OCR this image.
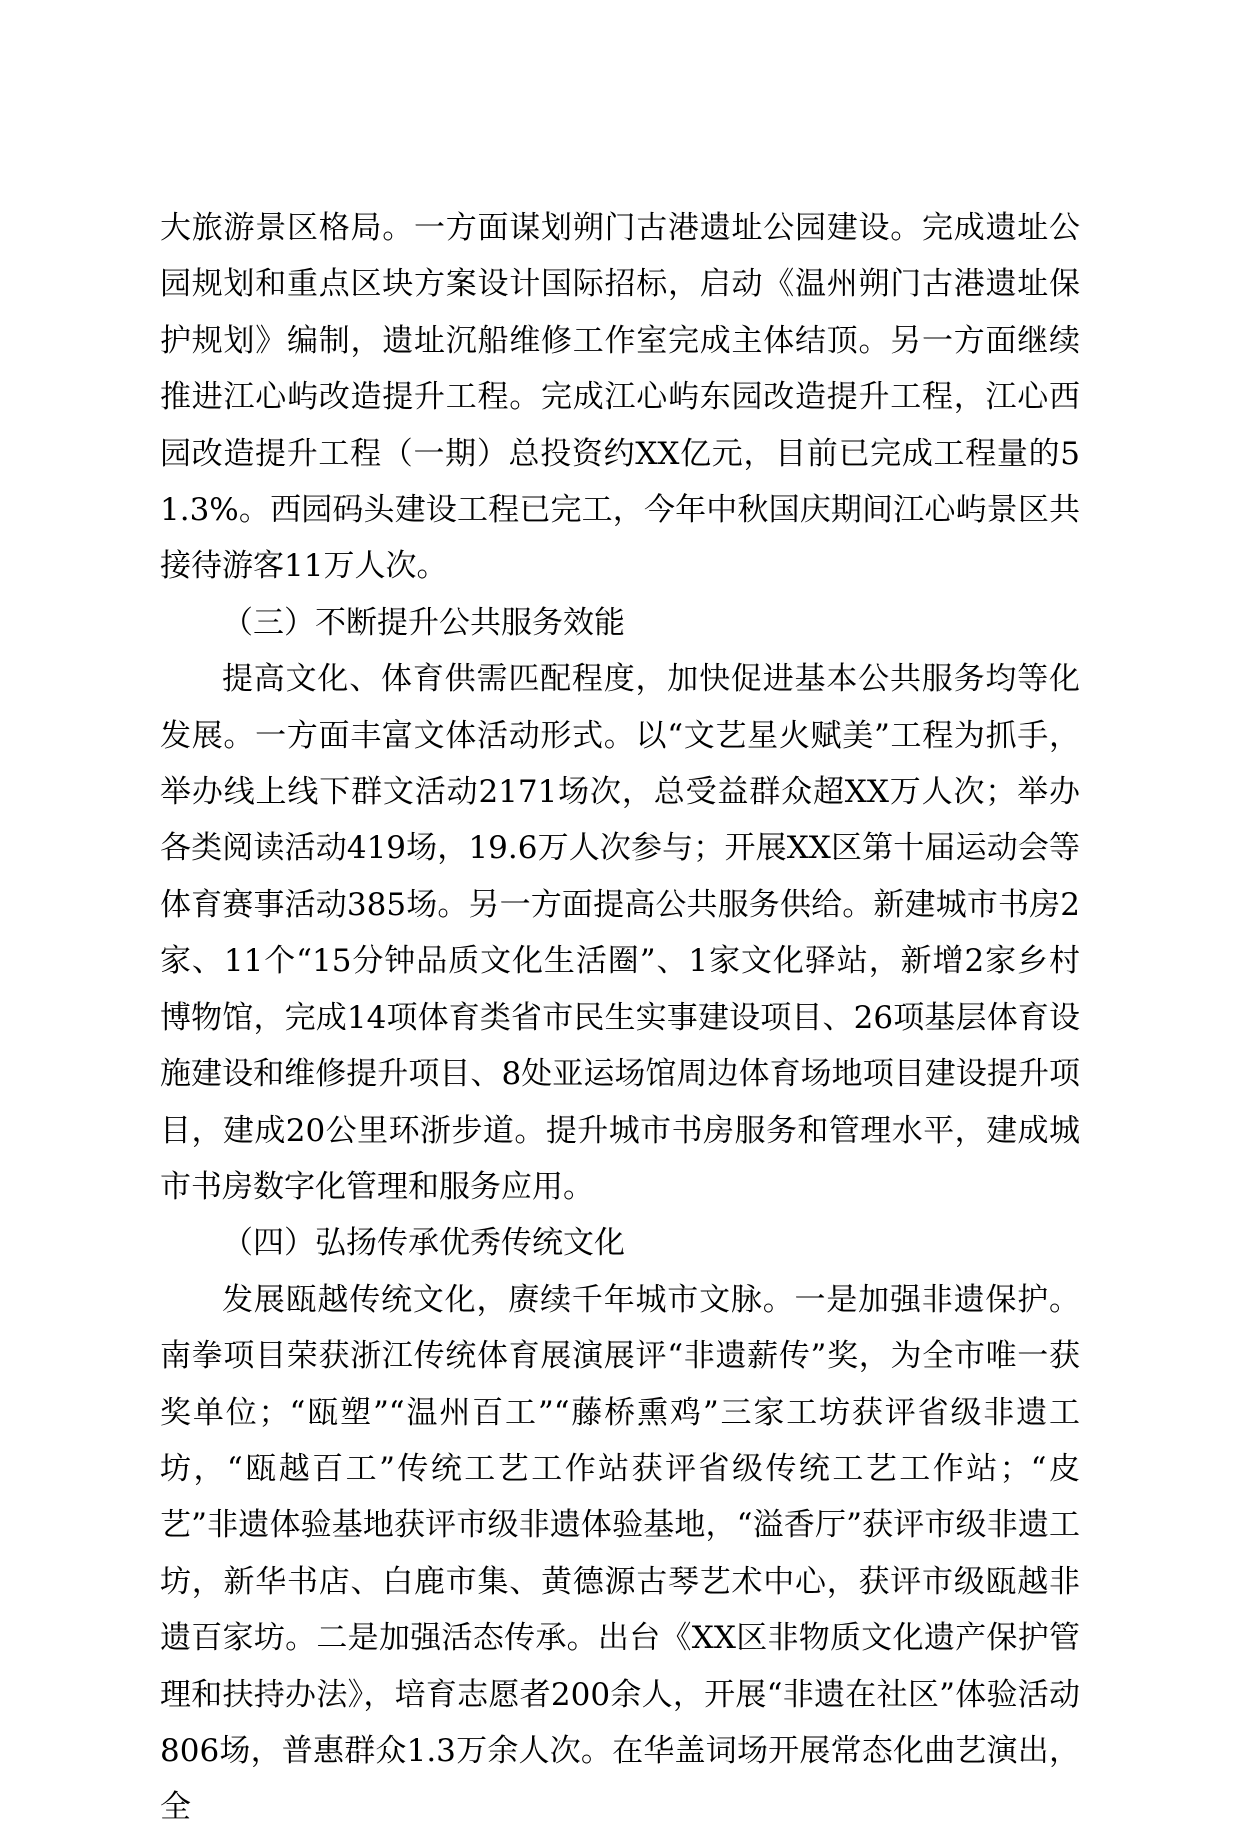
大旅游景区格局。一方面谋划朔门古港遗址公园建设。完成遗址公园规划和重点区块方案设计国际招标，启动《温州朔门古港遗址保护规划》编制，遗址沉船维修工作室完成主体结顶。另一方面继续推进江心屿改造提升工程。完成江心屿东园改造提升工程，江心西园改造提升工程（一期）总投资约XX亿元，目前已完成工程量的51.3%。西园码头建设工程已完工，今年中秋国庆期间江心屿景区共接待游客11万人次。

（三）不断提升公共服务效能

提高文化、体育供需匹配程度，加快促进基本公共服务均等化发展。一方面丰富文体活动形式。以“文艺星火赋美”工程为抓手，举办线上线下群文活动2171场次，总受益群众超XX万人次；举办各类阅读活动419场，19.6万人次参与；开展XX区第十届运动会等体育赛事活动385场。另一方面提高公共服务供给。新建城市书房2家、11个“15分钟品质文化生活圈”、1家文化驿站，新增2家乡村博物馆，完成14项体育类省市民生实事建设项目、26项基层体育设施建设和维修提升项目、8处亚运场馆周边体育场地项目建设提升项目，建成20公里环浙步道。提升城市书房服务和管理水平，建成城市书房数字化管理和服务应用。

（四）弘扬传承优秀传统文化

发展瓯越传统文化，赓续千年城市文脉。一是加强非遗保护。南拳项目荣获浙江传统体育展演展评“非遗薪传”奖，为全市唯一获奖单位；“瓯塑”“温州百工”“藤桥熏鸡”三家工坊获评省级非遗工坊，“瓯越百工”传统工艺工作站获评省级传统工艺工作站；“皮艺”非遗体验基地获评市级非遗体验基地，“溢香厅”获评市级非遗工坊，新华书店、白鹿市集、黄德源古琴艺术中心，获评市级瓯越非遗百家坊。二是加强活态传承。出台《XX区非物质文化遗产保护管理和扶持办法》，培育志愿者200余人，开展“非遗在社区”体验活动806场，普惠群众1.3万余人次。在华盖词场开展常态化曲艺演出，全
